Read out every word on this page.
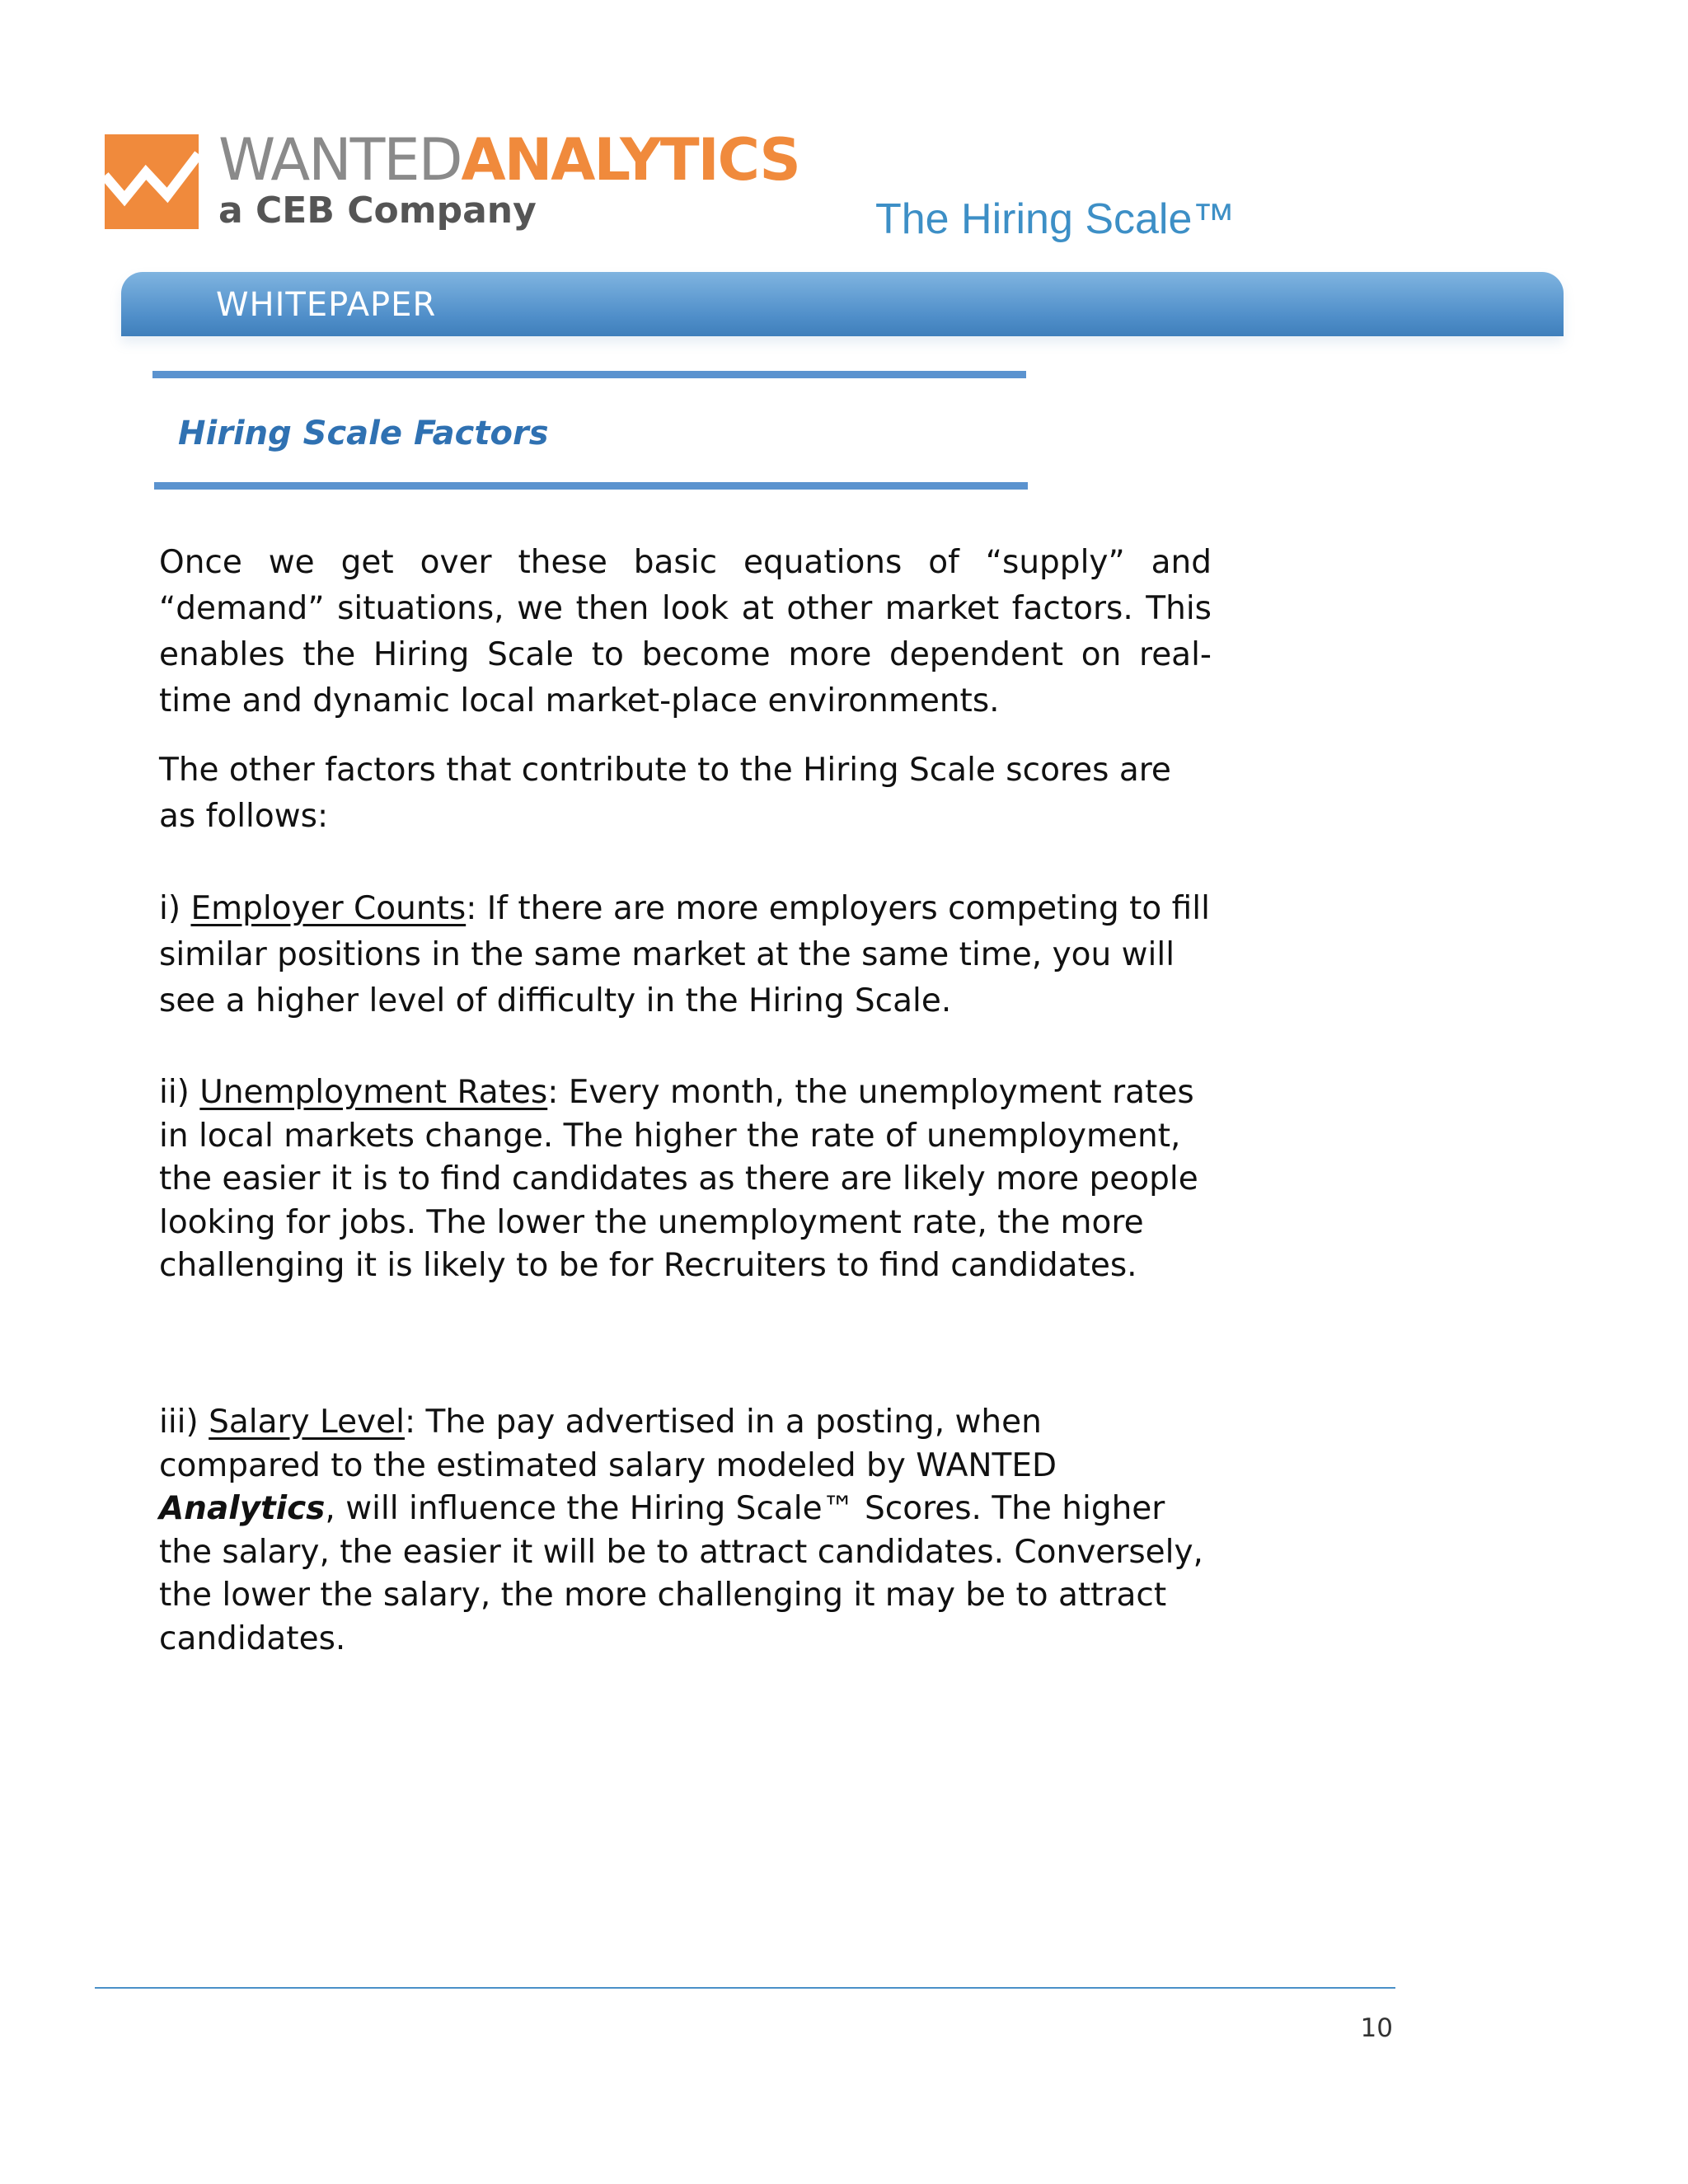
WANTEDANALYTICS
a CEB Company	The Hiring Scale™
WHITEPAPER
Hiring Scale Factors
Once we get over these basic equations of “supply” and “demand” situations, we then look at other market factors. This enables the Hiring Scale to become more dependent on real-time and dynamic local market-place environments.
The other factors that contribute to the Hiring Scale scores are as follows:
i) Employer Counts: If there are more employers competing to fill similar positions in the same market at the same time, you will see a higher level of difficulty in the Hiring Scale.
ii) Unemployment Rates: Every month, the unemployment rates in local markets change. The higher the rate of unemployment, the easier it is to find candidates as there are likely more people looking for jobs. The lower the unemployment rate, the more challenging it is likely to be for Recruiters to find candidates.
iii) Salary Level: The pay advertised in a posting, when compared to the estimated salary modeled by WANTED Analytics, will influence the Hiring Scale™ Scores. The higher the salary, the easier it will be to attract candidates. Conversely, the lower the salary, the more challenging it may be to attract candidates.
10
